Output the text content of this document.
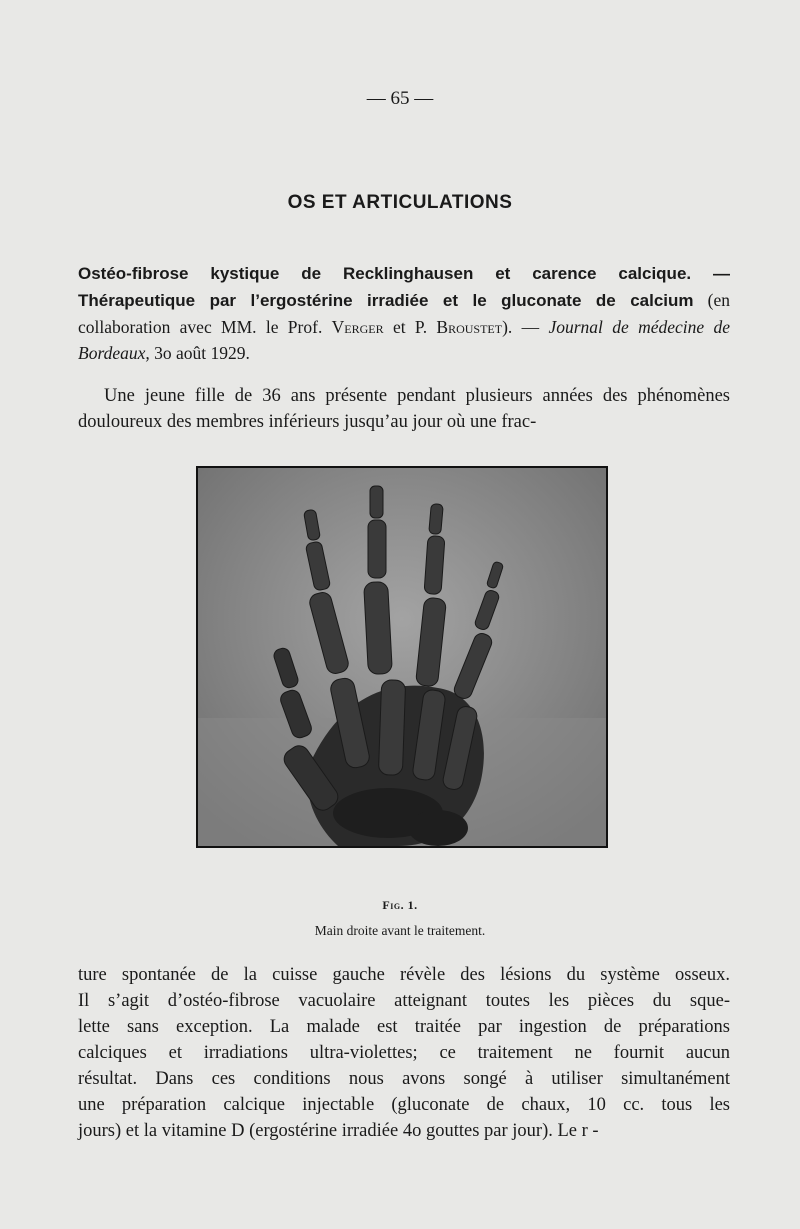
— 65 —
OS ET ARTICULATIONS
Ostéo-fibrose kystique de Recklinghausen et carence calcique. — Thérapeutique par l’ergostérine irradiée et le gluconate de calcium (en collaboration avec MM. le Prof. Verger et P. Broustet). — Journal de médecine de Bordeaux, 3o août 1929.
Une jeune fille de 36 ans présente pendant plusieurs années des phénomènes douloureux des membres inférieurs jusqu’au jour où une frac-
Fig. 1.
Main droite avant le traitement.
ture spontanée de la cuisse gauche révèle des lésions du système osseux.
Il s’agit d’ostéo-fibrose vacuolaire atteignant toutes les pièces du sque-
lette sans exception. La malade est traitée par ingestion de préparations
calciques et irradiations ultra-violettes; ce traitement ne fournit aucun
résultat. Dans ces conditions nous avons songé à utiliser simultanément
une préparation calcique injectable (gluconate de chaux, 10 cc. tous les
jours) et la vitamine D (ergostérine irradiée 4o gouttes par jour). Le r -
